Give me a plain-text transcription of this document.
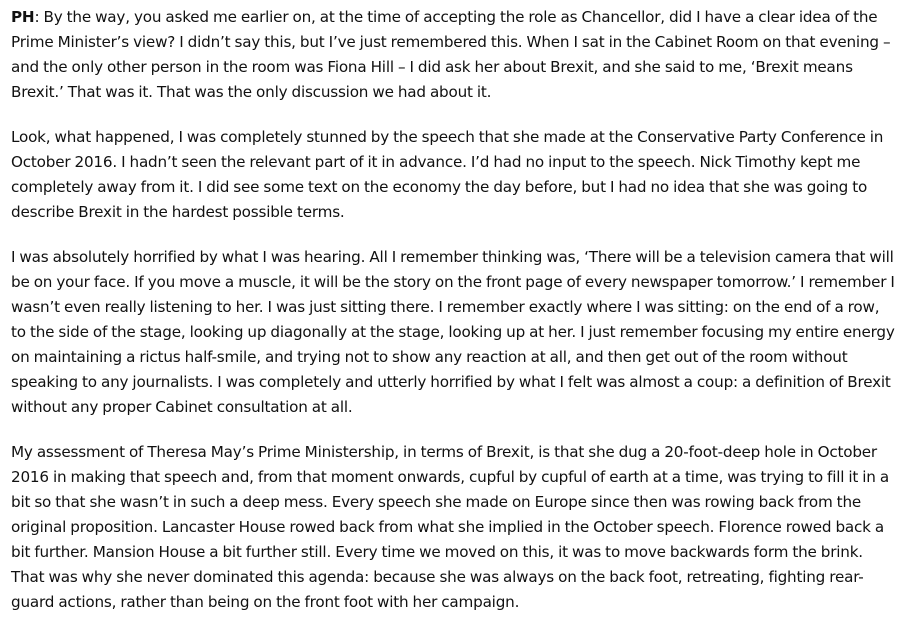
PH: By the way, you asked me earlier on, at the time of accepting the role as Chancellor, did I have a clear idea of the Prime Minister’s view? I didn’t say this, but I’ve just remembered this. When I sat in the Cabinet Room on that evening – and the only other person in the room was Fiona Hill – I did ask her about Brexit, and she said to me, ‘Brexit means Brexit.’ That was it. That was the only discussion we had about it.

Look, what happened, I was completely stunned by the speech that she made at the Conservative Party Conference in October 2016. I hadn’t seen the relevant part of it in advance. I’d had no input to the speech. Nick Timothy kept me completely away from it. I did see some text on the economy the day before, but I had no idea that she was going to describe Brexit in the hardest possible terms.

I was absolutely horrified by what I was hearing. All I remember thinking was, ‘There will be a television camera that will be on your face. If you move a muscle, it will be the story on the front page of every newspaper tomorrow.’ I remember I wasn’t even really listening to her. I was just sitting there. I remember exactly where I was sitting: on the end of a row, to the side of the stage, looking up diagonally at the stage, looking up at her. I just remember focusing my entire energy on maintaining a rictus half-smile, and trying not to show any reaction at all, and then get out of the room without speaking to any journalists. I was completely and utterly horrified by what I felt was almost a coup: a definition of Brexit without any proper Cabinet consultation at all.

My assessment of Theresa May’s Prime Ministership, in terms of Brexit, is that she dug a 20-foot-deep hole in October 2016 in making that speech and, from that moment onwards, cupful by cupful of earth at a time, was trying to fill it in a bit so that she wasn’t in such a deep mess. Every speech she made on Europe since then was rowing back from the original proposition. Lancaster House rowed back from what she implied in the October speech. Florence rowed back a bit further. Mansion House a bit further still. Every time we moved on this, it was to move backwards form the brink. That was why she never dominated this agenda: because she was always on the back foot, retreating, fighting rear-guard actions, rather than being on the front foot with her campaign.
